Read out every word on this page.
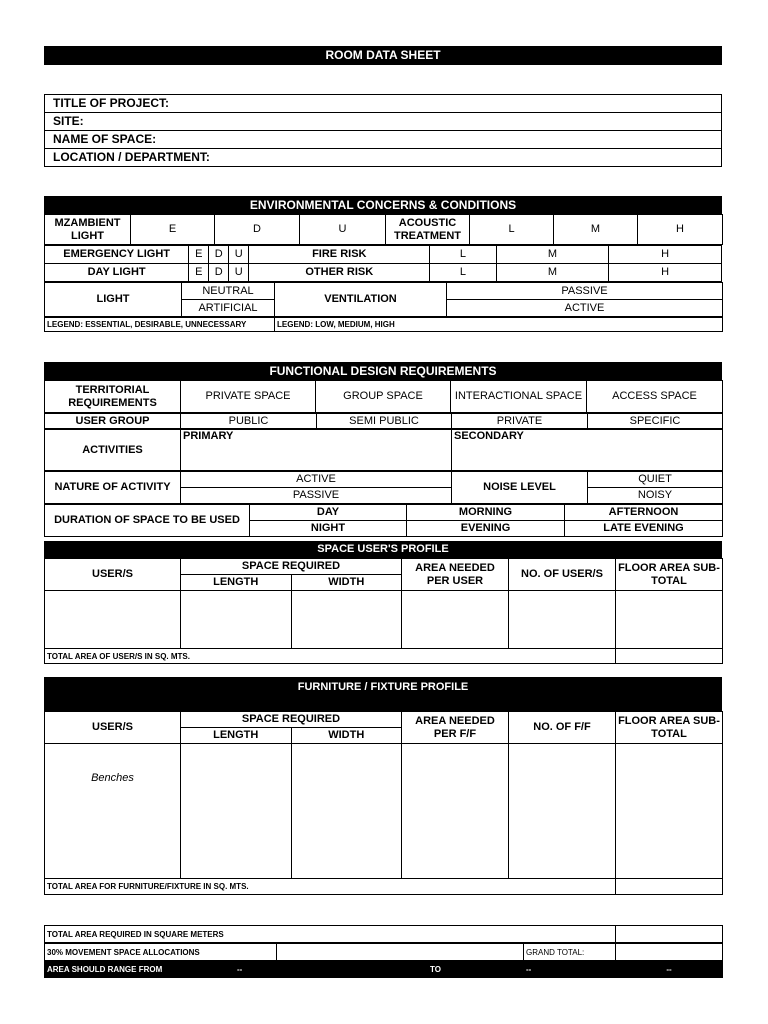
ROOM DATA SHEET
TITLE OF PROJECT:
SITE:
NAME OF SPACE:
LOCATION / DEPARTMENT:
ENVIRONMENTAL CONCERNS & CONDITIONS
MZAMBIENT LIGHT	E	D	U	ACOUSTIC TREATMENT	L	M	H
EMERGENCY LIGHT	E	D	U	FIRE RISK	L	M	H
DAY LIGHT	E	D	U	OTHER RISK	L	M	H
LIGHT	NEUTRAL	VENTILATION	PASSIVE
	ARTIFICIAL		ACTIVE
LEGEND: ESSENTIAL, DESIRABLE, UNNECESSARY	LEGEND: LOW, MEDIUM, HIGH
FUNCTIONAL DESIGN REQUIREMENTS
TERRITORIAL REQUIREMENTS	PRIVATE SPACE	GROUP SPACE	INTERACTIONAL SPACE	ACCESS SPACE
USER GROUP	PUBLIC	SEMI PUBLIC	PRIVATE	SPECIFIC
ACTIVITIES	PRIMARY	SECONDARY
NATURE OF ACTIVITY	ACTIVE	NOISE LEVEL	QUIET
	PASSIVE		NOISY
DURATION OF SPACE TO BE USED	DAY	MORNING	AFTERNOON
	NIGHT	EVENING	LATE EVENING
SPACE USER'S PROFILE
USER/S	SPACE REQUIRED		AREA NEEDED PER USER	NO. OF USER/S	FLOOR AREA SUB-TOTAL
	LENGTH	WIDTH			

TOTAL AREA OF USER/S IN SQ. MTS.					
FURNITURE / FIXTURE PROFILE
USER/S	SPACE REQUIRED		AREA NEEDED PER F/F	NO. OF F/F	FLOOR AREA SUB-TOTAL
	LENGTH	WIDTH			
Benches					
TOTAL AREA FOR FURNITURE/FIXTURE IN SQ. MTS.					
TOTAL AREA REQUIRED IN SQUARE METERS	
30% MOVEMENT SPACE ALLOCATIONS		GRAND TOTAL:	
AREA SHOULD RANGE FROM	--	TO	--	--
